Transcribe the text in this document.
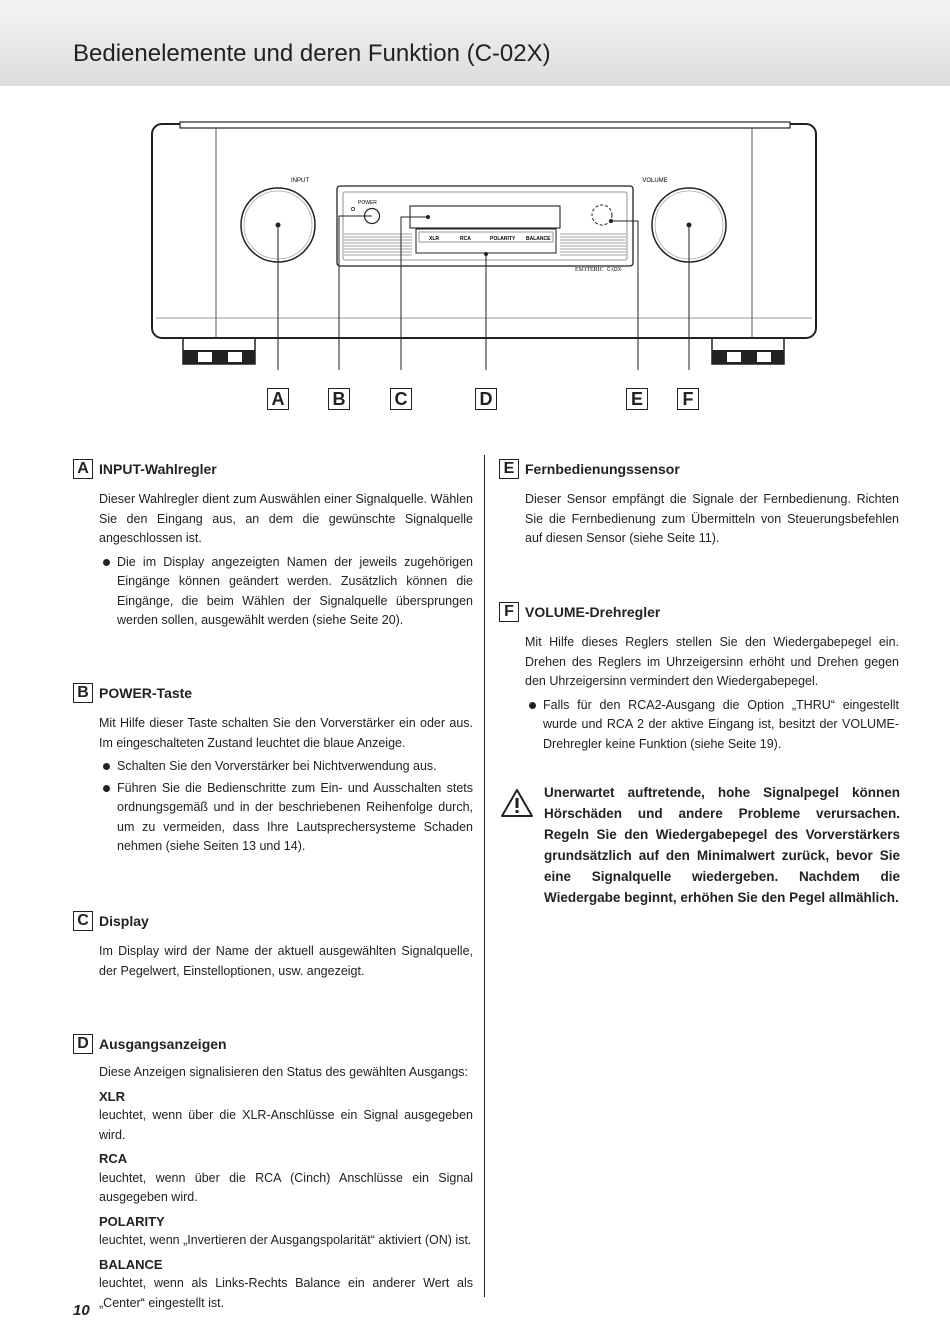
Bedienelemente und deren Funktion (C-02X)
INPUT	VOLUME
POWER
XLR	RCA	POLARITY BALANCE
ESOTERIC C-02X
A	B	C	D	E	F
A INPUT-Wahlregler

Dieser Wahlregler dient zum Auswählen einer Signalquelle. Wählen Sie den Eingang aus, an dem die gewünschte Signalquelle angeschlossen ist.

Die im Display angezeigten Namen der jeweils zugehörigen Eingänge können geändert werden. Zusätzlich können die Eingänge, die beim Wählen der Signalquelle übersprungen werden sollen, ausgewählt werden (siehe Seite 20).
B POWER-Taste

Mit Hilfe dieser Taste schalten Sie den Vorverstärker ein oder aus. Im eingeschalteten Zustand leuchtet die blaue Anzeige.

Schalten Sie den Vorverstärker bei Nichtverwendung aus.
Führen Sie die Bedienschritte zum Ein- und Ausschalten stets ordnungsgemäß und in der beschriebenen Reihenfolge durch, um zu vermeiden, dass Ihre Lautsprechersysteme Schaden nehmen (siehe Seiten 13 und 14).
C Display

Im Display wird der Name der aktuell ausgewählten Signalquelle, der Pegelwert, Einstelloptionen, usw. angezeigt.

D Ausgangsanzeigen

Diese Anzeigen signalisieren den Status des gewählten Ausgangs:

XLR

leuchtet, wenn über die XLR-Anschlüsse ein Signal ausgegeben wird.

RCA

leuchtet, wenn über die RCA (Cinch) Anschlüsse ein Signal ausgegeben wird.

POLARITY

leuchtet, wenn „Invertieren der Ausgangspolarität“ aktiviert (ON) ist.

BALANCE

leuchtet, wenn als Links-Rechts Balance ein anderer Wert als „Center“ eingestellt ist.

E Fernbedienungssensor

Dieser Sensor empfängt die Signale der Fernbedienung. Richten Sie die Fernbedienung zum Übermitteln von Steuerungsbefehlen auf diesen Sensor (siehe Seite 11).

F VOLUME-Drehregler

Mit Hilfe dieses Reglers stellen Sie den Wiedergabepegel ein. Drehen des Reglers im Uhrzeigersinn erhöht und Drehen gegen den Uhrzeigersinn vermindert den Wiedergabepegel.

Falls für den RCA2-Ausgang die Option „THRU“ eingestellt wurde und RCA 2 der aktive Eingang ist, besitzt der VOLUME-Drehregler keine Funktion (siehe Seite 19).
Unerwartet auftretende, hohe Signalpegel können Hörschäden und andere Probleme verursachen. Regeln Sie den Wiedergabepegel des Vorverstärkers grundsätzlich auf den Minimalwert zurück, bevor Sie eine Signalquelle wiedergeben. Nachdem die Wiedergabe beginnt, erhöhen Sie den Pegel allmählich.
10
